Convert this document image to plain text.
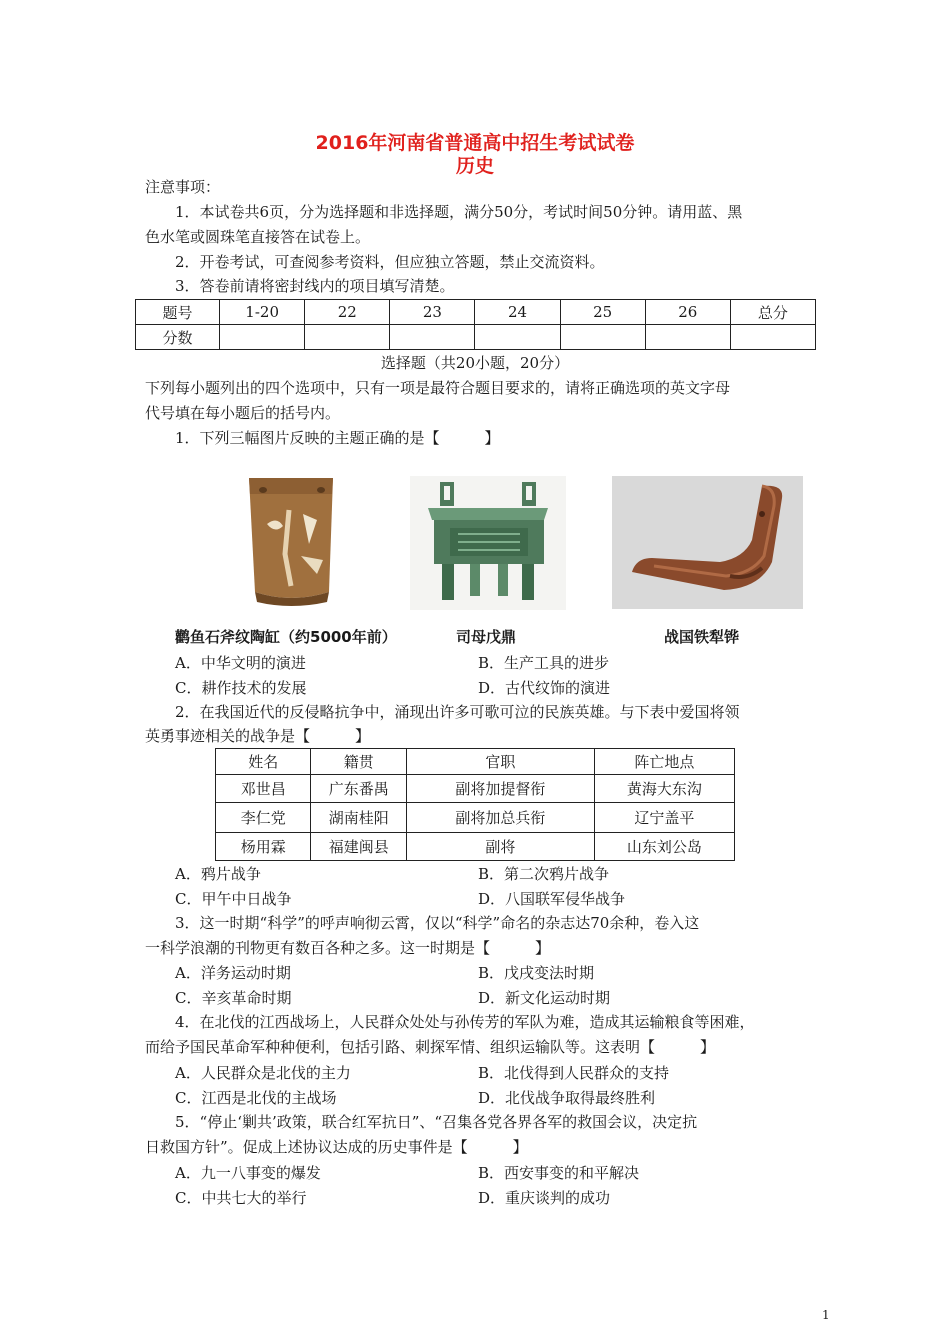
2016年河南省普通高中招生考试试卷
历史
注意事项：
1．本试卷共6页，分为选择题和非选择题，满分50分，考试时间50分钟。请用蓝、黑
色水笔或圆珠笔直接答在试卷上。
2．开卷考试，可查阅参考资料，但应独立答题，禁止交流资料。
3．答卷前请将密封线内的项目填写清楚。
题号	1-20	22	23	24	25	26	总分
分数							
选择题（共20小题，20分）
下列每小题列出的四个选项中，只有一项是最符合题目要求的，请将正确选项的英文字母
代号填在每小题后的括号内。
1．下列三幅图片反映的主题正确的是【　　　】
鹳鱼石斧纹陶缸（约5000年前）	司母戊鼎	战国铁犁铧
A．中华文明的演进	B．生产工具的进步
C．耕作技术的发展	D．古代纹饰的演进
2．在我国近代的反侵略抗争中，涌现出许多可歌可泣的民族英雄。与下表中爱国将领
英勇事迹相关的战争是【　　　】
姓名	籍贯	官职	阵亡地点
邓世昌	广东番禺	副将加提督衔	黄海大东沟
李仁党	湖南桂阳	副将加总兵衔	辽宁盖平
杨用霖	福建闽县	副将	山东刘公岛
A．鸦片战争	B．第二次鸦片战争
C．甲午中日战争	D．八国联军侵华战争
3．这一时期“科学”的呼声响彻云霄，仅以“科学”命名的杂志达70余种，卷入这
一科学浪潮的刊物更有数百各种之多。这一时期是【　　　】
A．洋务运动时期	B．戊戌变法时期
C．辛亥革命时期	D．新文化运动时期
4．在北伐的江西战场上，人民群众处处与孙传芳的军队为难，造成其运输粮食等困难，
而给予国民革命军种种便利，包括引路、刺探军情、组织运输队等。这表明【　　　】
A．人民群众是北伐的主力	B．北伐得到人民群众的支持
C．江西是北伐的主战场	D．北伐战争取得最终胜利
5．“停止‘剿共’政策，联合红军抗日”、“召集各党各界各军的救国会议，决定抗
日救国方针”。促成上述协议达成的历史事件是【　　　】
A．九一八事变的爆发	B．西安事变的和平解决
C．中共七大的举行	D．重庆谈判的成功
1
